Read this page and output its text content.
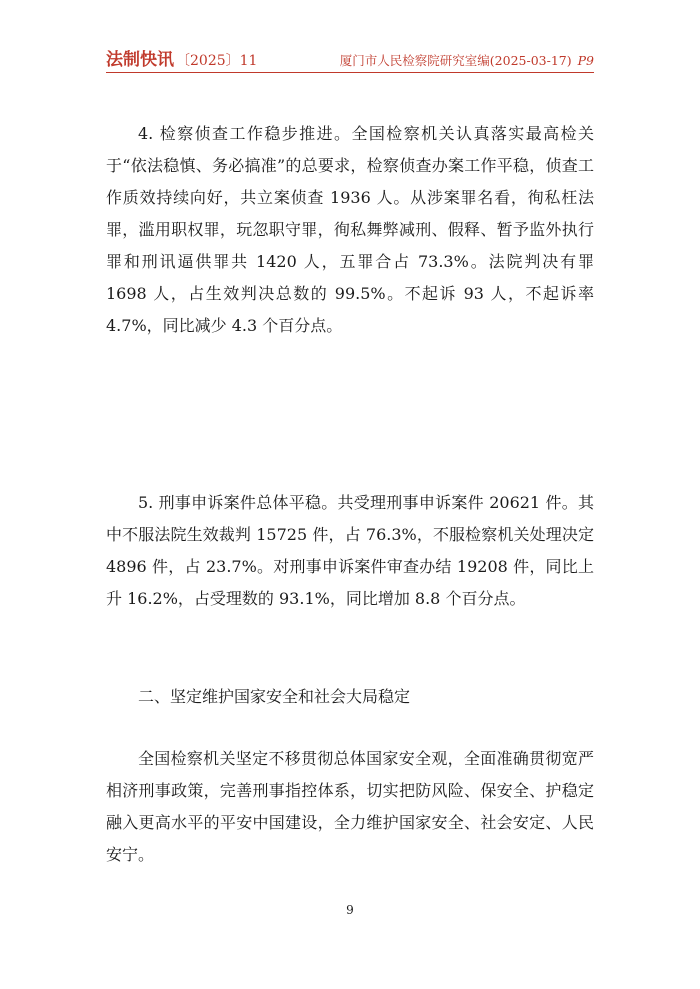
法制快讯 〔2025〕11	厦门市人民检察院研究室编(2025-03-17) P9

4. 检察侦查工作稳步推进。全国检察机关认真落实最高检关于“依法稳慎、务必搞准”的总要求，检察侦查办案工作平稳，侦查工作质效持续向好，共立案侦查 1936 人。从涉案罪名看，徇私枉法罪，滥用职权罪，玩忽职守罪，徇私舞弊减刑、假释、暂予监外执行罪和刑讯逼供罪共 1420 人，五罪合占 73.3%。法院判决有罪 1698 人，占生效判决总数的 99.5%。不起诉 93 人，不起诉率 4.7%，同比减少 4.3 个百分点。

5. 刑事申诉案件总体平稳。共受理刑事申诉案件 20621 件。其中不服法院生效裁判 15725 件，占 76.3%，不服检察机关处理决定 4896 件，占 23.7%。对刑事申诉案件审查办结 19208 件，同比上升 16.2%，占受理数的 93.1%，同比增加 8.8 个百分点。

二、坚定维护国家安全和社会大局稳定

全国检察机关坚定不移贯彻总体国家安全观，全面准确贯彻宽严相济刑事政策，完善刑事指控体系，切实把防风险、保安全、护稳定融入更高水平的平安中国建设，全力维护国家安全、社会安定、人民安宁。

9
